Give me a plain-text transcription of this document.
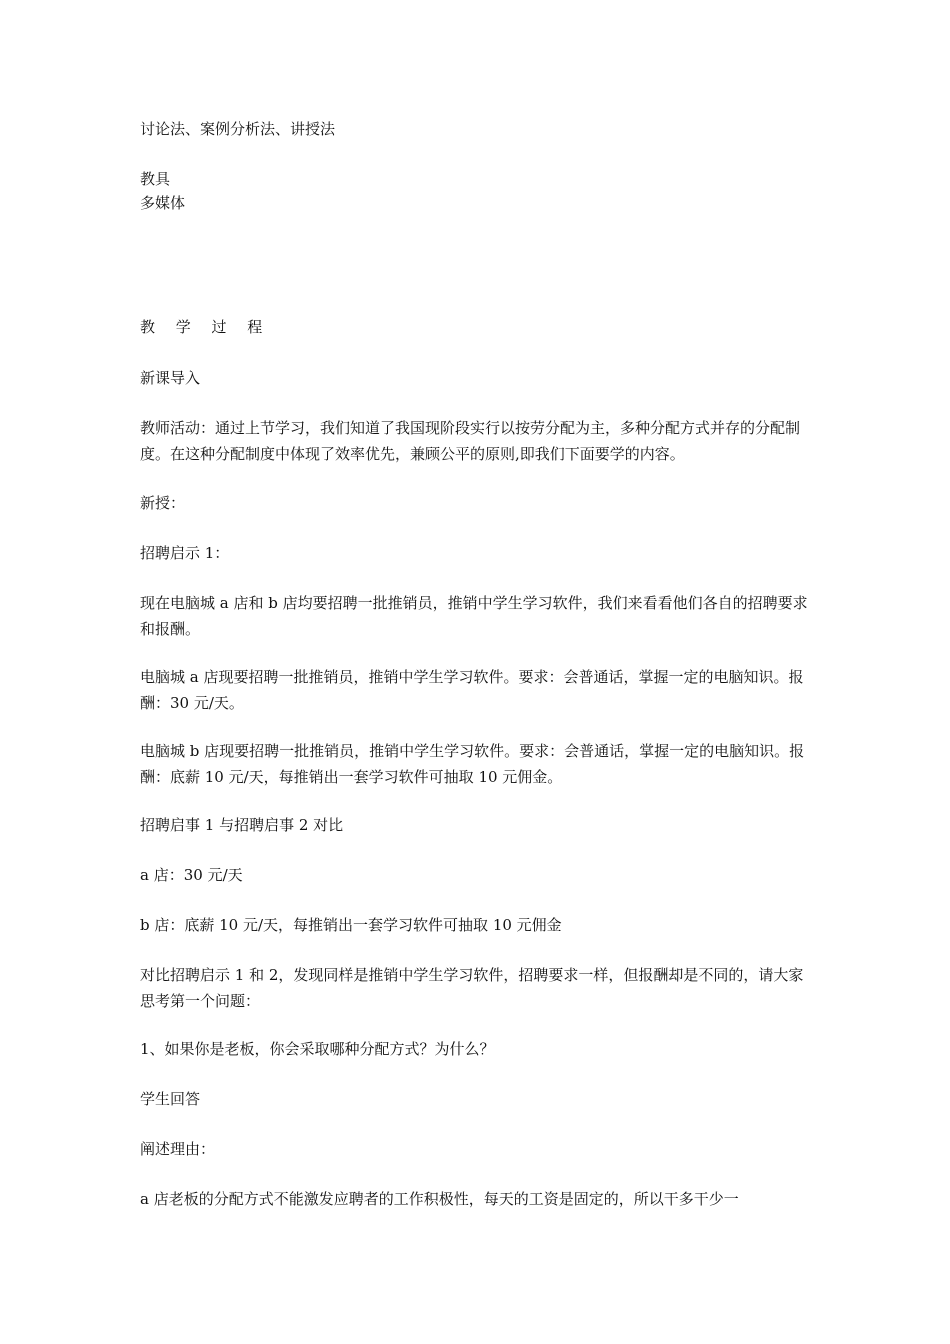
讨论法、案例分析法、讲授法

教具

多媒体

教 学 过 程

新课导入

教师活动：通过上节学习，我们知道了我国现阶段实行以按劳分配为主，多种分配方式并存的分配制度。在这种分配制度中体现了效率优先，兼顾公平的原则,即我们下面要学的内容。

新授：

招聘启示 1：

现在电脑城 a 店和 b 店均要招聘一批推销员，推销中学生学习软件，我们来看看他们各自的招聘要求和报酬。

电脑城 a 店现要招聘一批推销员，推销中学生学习软件。要求：会普通话，掌握一定的电脑知识。报酬：30 元/天。

电脑城 b 店现要招聘一批推销员，推销中学生学习软件。要求：会普通话，掌握一定的电脑知识。报酬：底薪 10 元/天，每推销出一套学习软件可抽取 10 元佣金。

招聘启事 1 与招聘启事 2 对比

a 店：30 元/天

b 店：底薪 10 元/天，每推销出一套学习软件可抽取 10 元佣金

对比招聘启示 1 和 2，发现同样是推销中学生学习软件，招聘要求一样，但报酬却是不同的，请大家思考第一个问题：

1、如果你是老板，你会采取哪种分配方式？为什么？

学生回答

阐述理由：

a 店老板的分配方式不能激发应聘者的工作积极性，每天的工资是固定的，所以干多干少一
